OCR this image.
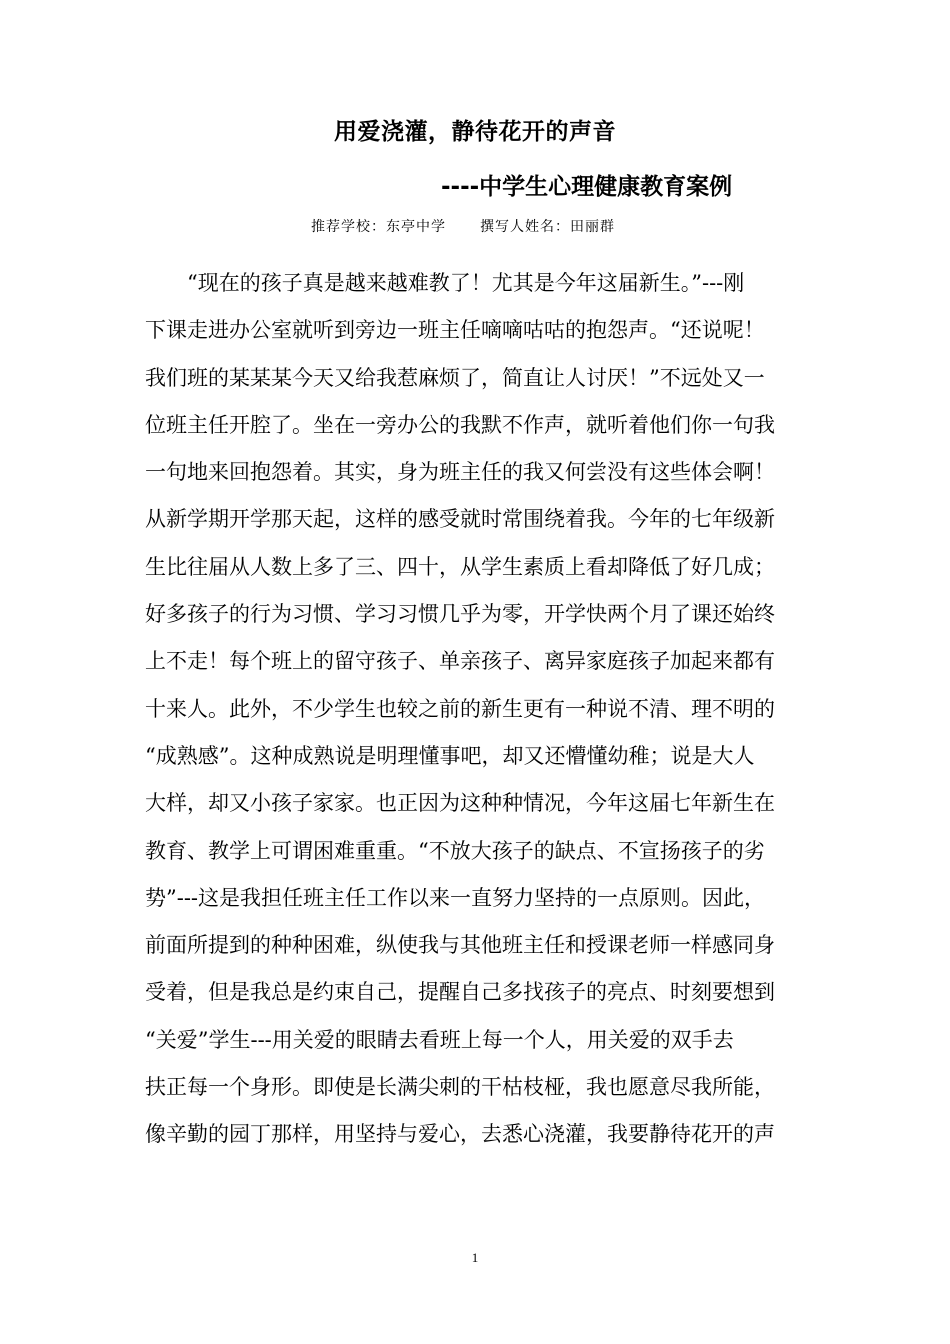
用爱浇灌，静待花开的声音
----中学生心理健康教育案例
推荐学校：东亭中学 撰写人姓名：田丽群
“现在的孩子真是越来越难教了！尤其是今年这届新生。”---刚
下课走进办公室就听到旁边一班主任嘀嘀咕咕的抱怨声。“还说呢！
我们班的某某某今天又给我惹麻烦了，简直让人讨厌！”不远处又一
位班主任开腔了。坐在一旁办公的我默不作声，就听着他们你一句我
一句地来回抱怨着。其实，身为班主任的我又何尝没有这些体会啊！
从新学期开学那天起，这样的感受就时常围绕着我。今年的七年级新
生比往届从人数上多了三、四十，从学生素质上看却降低了好几成；
好多孩子的行为习惯、学习习惯几乎为零，开学快两个月了课还始终
上不走！每个班上的留守孩子、单亲孩子、离异家庭孩子加起来都有
十来人。此外，不少学生也较之前的新生更有一种说不清、理不明的
“成熟感”。这种成熟说是明理懂事吧，却又还懵懂幼稚；说是大人
大样，却又小孩子家家。也正因为这种种情况，今年这届七年新生在
教育、教学上可谓困难重重。“不放大孩子的缺点、不宣扬孩子的劣
势”---这是我担任班主任工作以来一直努力坚持的一点原则。因此，
前面所提到的种种困难，纵使我与其他班主任和授课老师一样感同身
受着，但是我总是约束自己，提醒自己多找孩子的亮点、时刻要想到
“关爱”学生---用关爱的眼睛去看班上每一个人，用关爱的双手去
扶正每一个身形。即使是长满尖刺的干枯枝桠，我也愿意尽我所能，
像辛勤的园丁那样，用坚持与爱心，去悉心浇灌，我要静待花开的声
1
